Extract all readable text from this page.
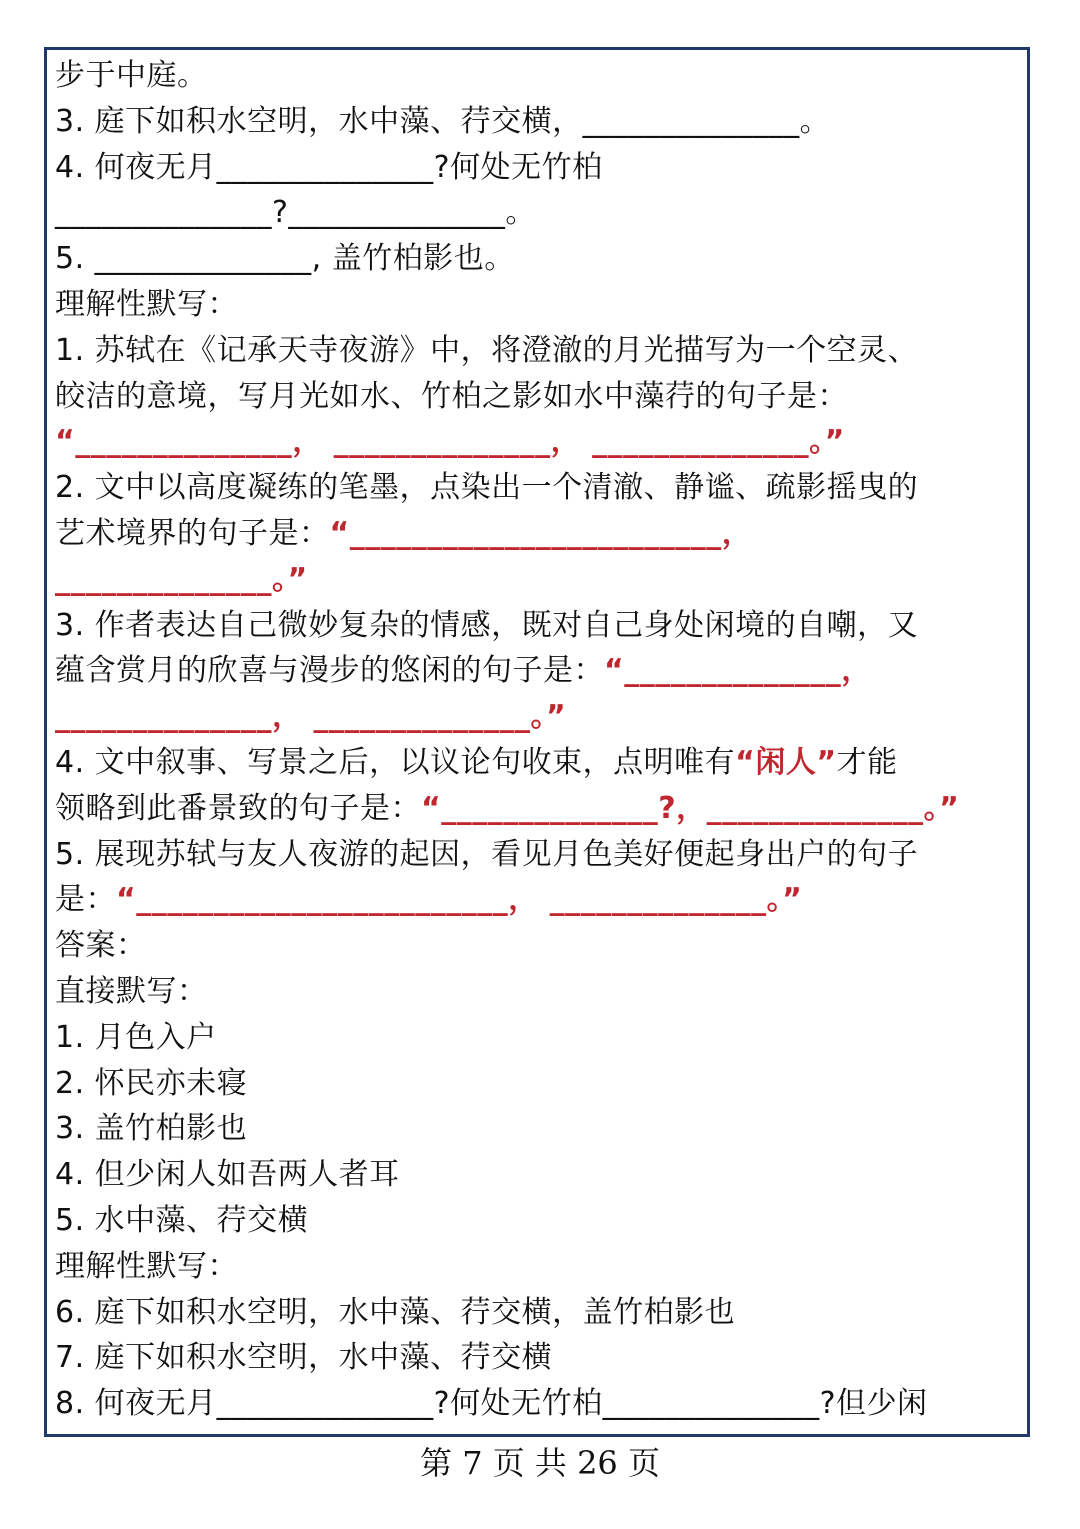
步于中庭。
3. 庭下如积水空明，水中藻、荇交横，______________。
4. 何夜无月______________?何处无竹柏
______________?______________。
5. ______________, 盖竹柏影也。
理解性默写：
1. 苏轼在《记承天寺夜游》中，将澄澈的月光描写为一个空灵、
皎洁的意境，写月光如水、竹柏之影如水中藻荇的句子是：
“______________， ______________， ______________。”
2. 文中以高度凝练的笔墨，点染出一个清澈、静谧、疏影摇曳的
艺术境界的句子是：“________________________，
______________。”
3. 作者表达自己微妙复杂的情感，既对自己身处闲境的自嘲，又
蕴含赏月的欣喜与漫步的悠闲的句子是：“______________，
______________， ______________。”
4. 文中叙事、写景之后，以议论句收束，点明唯有“闲人”才能
领略到此番景致的句子是：“______________?，______________。”
5. 展现苏轼与友人夜游的起因，看见月色美好便起身出户的句子
是：“________________________， ______________。”
答案：
直接默写：
1. 月色入户
2. 怀民亦未寝
3. 盖竹柏影也
4. 但少闲人如吾两人者耳
5. 水中藻、荇交横
理解性默写：
6. 庭下如积水空明，水中藻、荇交横，盖竹柏影也
7. 庭下如积水空明，水中藻、荇交横
8. 何夜无月______________?何处无竹柏______________?但少闲
第 7 页 共 26 页
